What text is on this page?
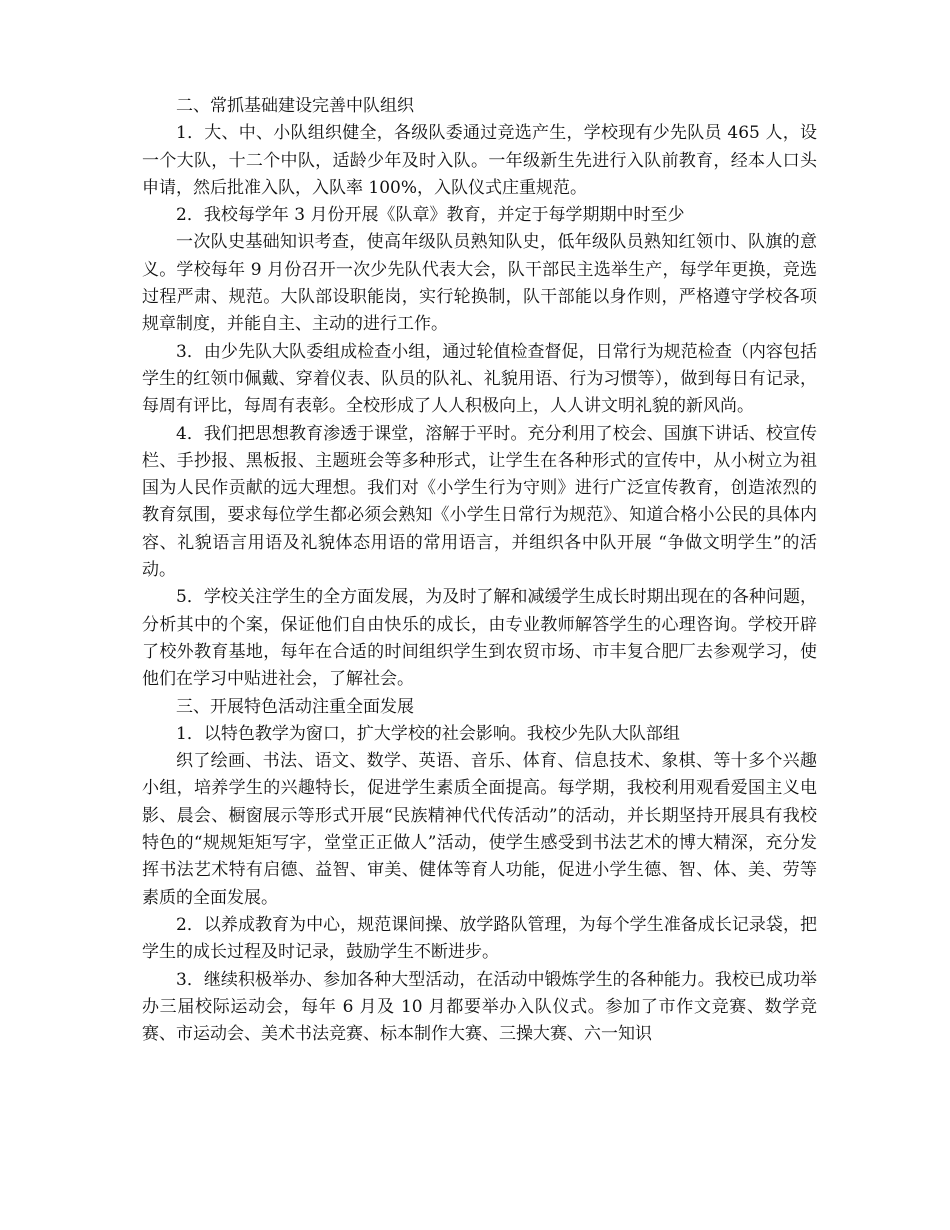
二、常抓基础建设完善中队组织

1．大、中、小队组织健全，各级队委通过竞选产生，学校现有少先队员 465 人，设一个大队，十二个中队，适龄少年及时入队。一年级新生先进行入队前教育，经本人口头申请，然后批准入队，入队率 100%，入队仪式庄重规范。

2．我校每学年 3 月份开展《队章》教育，并定于每学期期中时至少

一次队史基础知识考查，使高年级队员熟知队史，低年级队员熟知红领巾、队旗的意义。学校每年 9 月份召开一次少先队代表大会，队干部民主选举生产，每学年更换，竞选过程严肃、规范。大队部设职能岗，实行轮换制，队干部能以身作则，严格遵守学校各项规章制度，并能自主、主动的进行工作。

3．由少先队大队委组成检查小组，通过轮值检查督促，日常行为规范检查（内容包括学生的红领巾佩戴、穿着仪表、队员的队礼、礼貌用语、行为习惯等），做到每日有记录，每周有评比，每周有表彰。全校形成了人人积极向上，人人讲文明礼貌的新风尚。

4．我们把思想教育渗透于课堂，溶解于平时。充分利用了校会、国旗下讲话、校宣传栏、手抄报、黑板报、主题班会等多种形式，让学生在各种形式的宣传中，从小树立为祖国为人民作贡献的远大理想。我们对《小学生行为守则》进行广泛宣传教育，创造浓烈的教育氛围，要求每位学生都必须会熟知《小学生日常行为规范》、知道合格小公民的具体内容、礼貌语言用语及礼貌体态用语的常用语言，并组织各中队开展 “争做文明学生”的活动。

5．学校关注学生的全方面发展，为及时了解和减缓学生成长时期出现在的各种问题，分析其中的个案，保证他们自由快乐的成长，由专业教师解答学生的心理咨询。学校开辟了校外教育基地，每年在合适的时间组织学生到农贸市场、市丰复合肥厂去参观学习，使他们在学习中贴进社会，了解社会。

三、开展特色活动注重全面发展

1．以特色教学为窗口，扩大学校的社会影响。我校少先队大队部组

织了绘画、书法、语文、数学、英语、音乐、体育、信息技术、象棋、等十多个兴趣小组，培养学生的兴趣特长，促进学生素质全面提高。每学期，我校利用观看爱国主义电影、晨会、橱窗展示等形式开展“民族精神代代传活动”的活动，并长期坚持开展具有我校特色的“规规矩矩写字，堂堂正正做人”活动，使学生感受到书法艺术的博大精深，充分发挥书法艺术特有启德、益智、审美、健体等育人功能，促进小学生德、智、体、美、劳等素质的全面发展。

2．以养成教育为中心，规范课间操、放学路队管理，为每个学生准备成长记录袋，把学生的成长过程及时记录，鼓励学生不断进步。

3．继续积极举办、参加各种大型活动，在活动中锻炼学生的各种能力。我校已成功举办三届校际运动会，每年 6 月及 10 月都要举办入队仪式。参加了市作文竞赛、数学竞赛、市运动会、美术书法竞赛、标本制作大赛、三操大赛、六一知识
